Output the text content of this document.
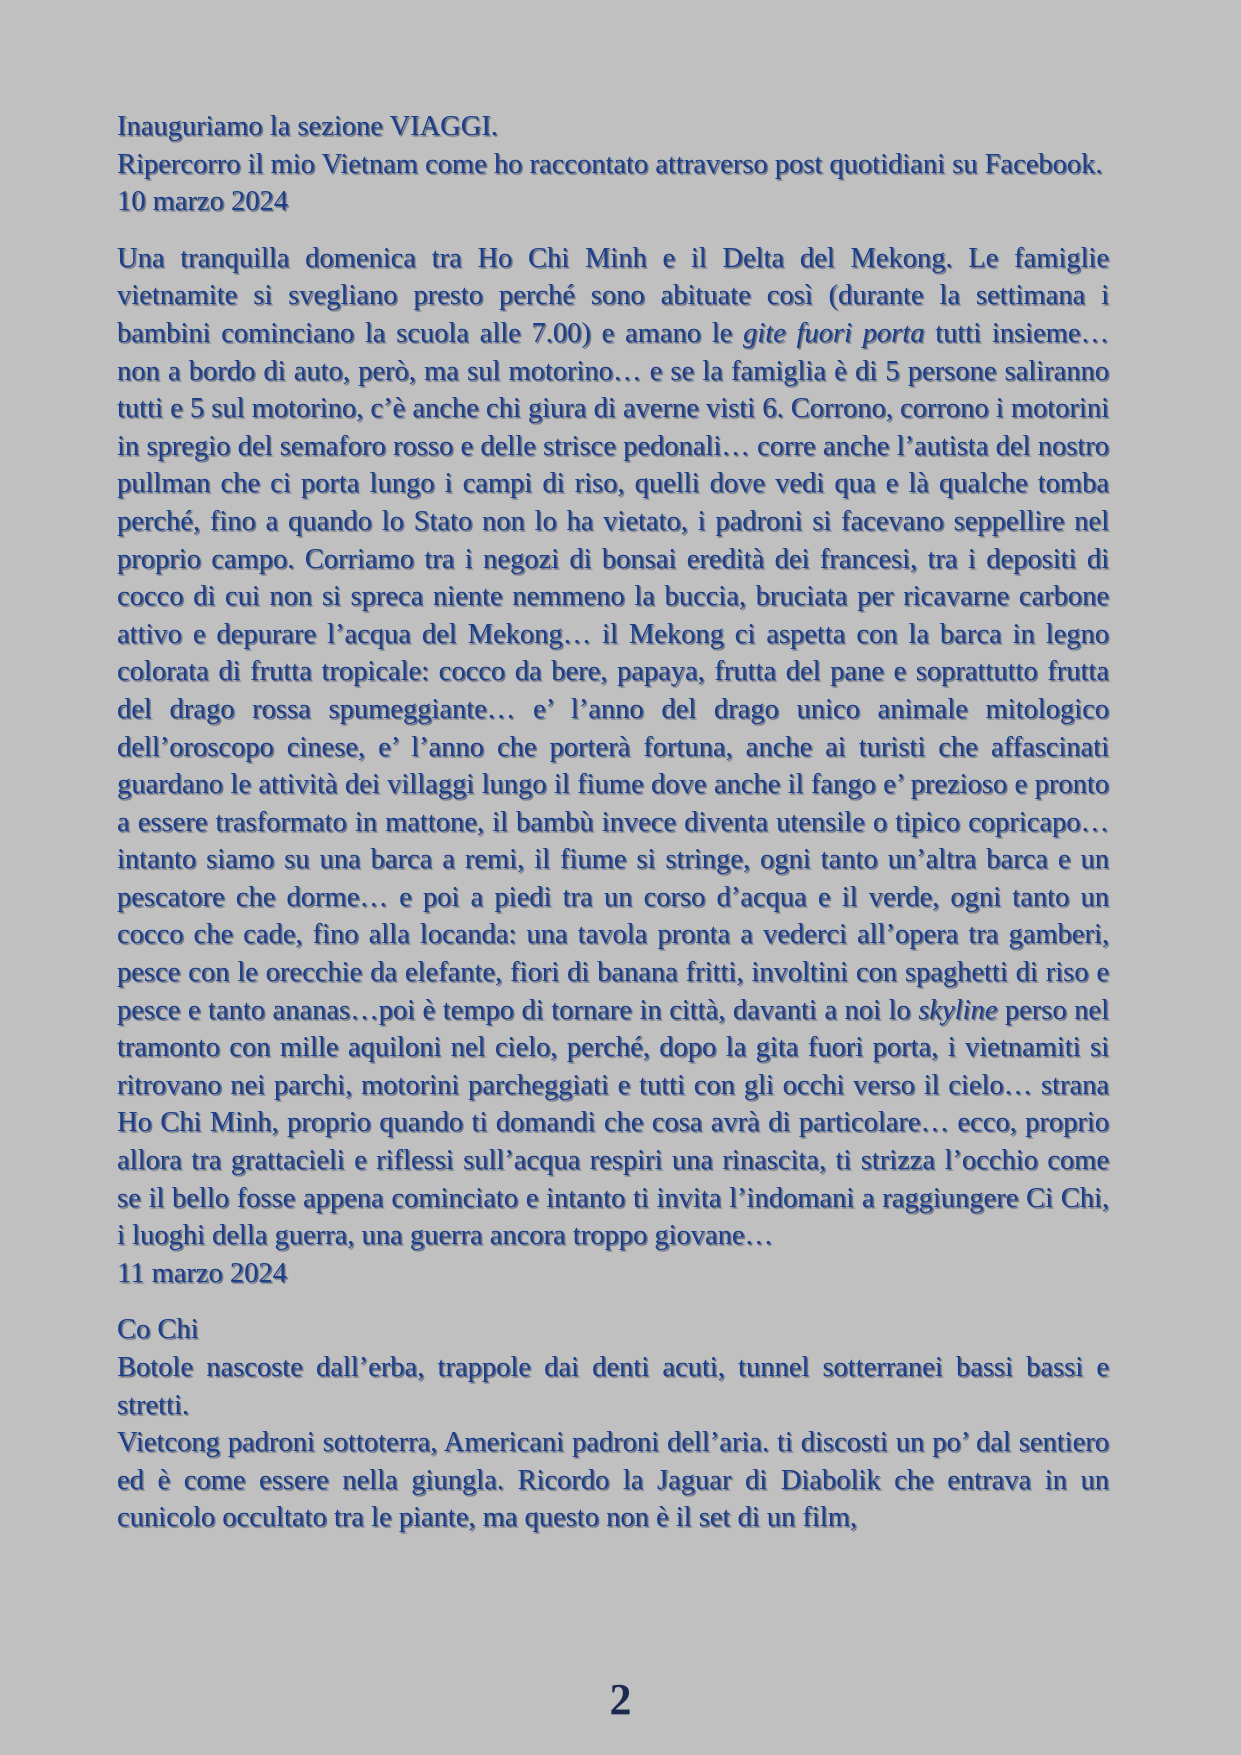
Inauguriamo la sezione VIAGGI.

Ripercorro il mio Vietnam come ho raccontato attraverso post quotidiani su Facebook.

10 marzo 2024

Una tranquilla domenica tra Ho Chi Minh e il Delta del Mekong. Le famiglie vietnamite si svegliano presto perché sono abituate così (durante la settimana i bambini cominciano la scuola alle 7.00) e amano le gite fuori porta tutti insieme… non a bordo di auto, però, ma sul motorino… e se la famiglia è di 5 persone saliranno tutti e 5 sul motorino, c’è anche chi giura di averne visti 6. Corrono, corrono i motorini in spregio del semaforo rosso e delle strisce pedonali… corre anche l’autista del nostro pullman che ci porta lungo i campi di riso, quelli dove vedi qua e là qualche tomba perché, fino a quando lo Stato non lo ha vietato, i padroni si facevano seppellire nel proprio campo. Corriamo tra i negozi di bonsai eredità dei francesi, tra i depositi di cocco di cui non si spreca niente nemmeno la buccia, bruciata per ricavarne carbone attivo e depurare l’acqua del Mekong… il Mekong ci aspetta con la barca in legno colorata di frutta tropicale: cocco da bere, papaya, frutta del pane e soprattutto frutta del drago rossa spumeggiante… e’ l’anno del drago unico animale mitologico dell’oroscopo cinese, e’ l’anno che porterà fortuna, anche ai turisti che affascinati guardano le attività dei villaggi lungo il fiume dove anche il fango e’ prezioso e pronto a essere trasformato in mattone, il bambù invece diventa utensile o tipico copricapo… intanto siamo su una barca a remi, il fiume si stringe, ogni tanto un’altra barca e un pescatore che dorme… e poi a piedi tra un corso d’acqua e il verde, ogni tanto un cocco che cade, fino alla locanda: una tavola pronta a vederci all’opera tra gamberi, pesce con le orecchie da elefante, fiori di banana fritti, involtini con spaghetti di riso e pesce e tanto ananas…poi è tempo di tornare in città, davanti a noi lo skyline perso nel tramonto con mille aquiloni nel cielo, perché, dopo la gita fuori porta, i vietnamiti si ritrovano nei parchi, motorini parcheggiati e tutti con gli occhi verso il cielo… strana Ho Chi Minh, proprio quando ti domandi che cosa avrà di particolare… ecco, proprio allora tra grattacieli e riflessi sull’acqua respiri una rinascita, ti strizza l’occhio come se il bello fosse appena cominciato e intanto ti invita l’indomani a raggiungere Ci Chi, i luoghi della guerra, una guerra ancora troppo giovane…

11 marzo 2024

Co Chi

Botole nascoste dall’erba, trappole dai denti acuti, tunnel sotterranei bassi bassi e stretti.

Vietcong padroni sottoterra, Americani padroni dell’aria. ti discosti un po’ dal sentiero ed è come essere nella giungla. Ricordo la Jaguar di Diabolik che entrava in un cunicolo occultato tra le piante, ma questo non è il set di un film,

2
